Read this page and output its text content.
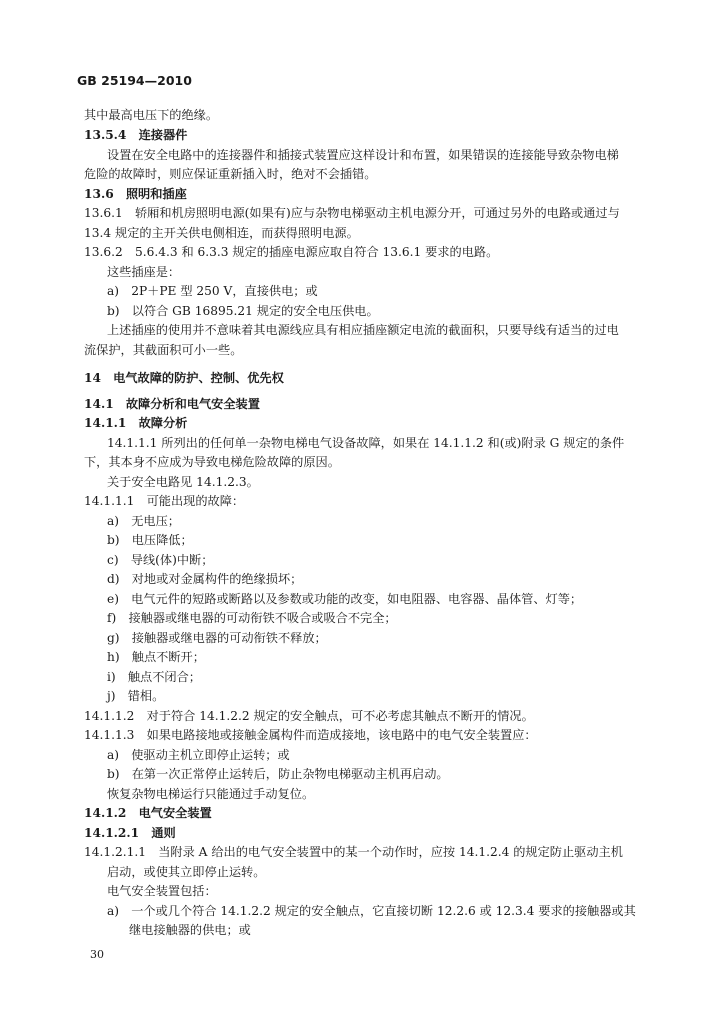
GB 25194—2010
其中最高电压下的绝缘。
13.5.4　连接器件
设置在安全电路中的连接器件和插接式装置应这样设计和布置，如果错误的连接能导致杂物电梯
危险的故障时，则应保证重新插入时，绝对不会插错。
13.6　照明和插座
13.6.1　轿厢和机房照明电源(如果有)应与杂物电梯驱动主机电源分开，可通过另外的电路或通过与
13.4 规定的主开关供电侧相连，而获得照明电源。
13.6.2　5.6.4.3 和 6.3.3 规定的插座电源应取自符合 13.6.1 要求的电路。
这些插座是：
a)　2P＋PE 型 250 V，直接供电；或
b)　以符合 GB 16895.21 规定的安全电压供电。
上述插座的使用并不意味着其电源线应具有相应插座额定电流的截面积，只要导线有适当的过电
流保护，其截面积可小一些。
14　电气故障的防护、控制、优先权
14.1　故障分析和电气安全装置
14.1.1　故障分析
14.1.1.1 所列出的任何单一杂物电梯电气设备故障，如果在 14.1.1.2 和(或)附录 G 规定的条件
下，其本身不应成为导致电梯危险故障的原因。
关于安全电路见 14.1.2.3。
14.1.1.1　可能出现的故障：
a)　无电压；
b)　电压降低；
c)　导线(体)中断；
d)　对地或对金属构件的绝缘损坏；
e)　电气元件的短路或断路以及参数或功能的改变，如电阻器、电容器、晶体管、灯等；
f)　接触器或继电器的可动衔铁不吸合或吸合不完全；
g)　接触器或继电器的可动衔铁不释放；
h)　触点不断开；
i)　触点不闭合；
j)　错相。
14.1.1.2　对于符合 14.1.2.2 规定的安全触点，可不必考虑其触点不断开的情况。
14.1.1.3　如果电路接地或接触金属构件而造成接地，该电路中的电气安全装置应：
a)　使驱动主机立即停止运转；或
b)　在第一次正常停止运转后，防止杂物电梯驱动主机再启动。
恢复杂物电梯运行只能通过手动复位。
14.1.2　电气安全装置
14.1.2.1　通则
14.1.2.1.1　当附录 A 给出的电气安全装置中的某一个动作时，应按 14.1.2.4 的规定防止驱动主机
启动，或使其立即停止运转。
电气安全装置包括：
a)　一个或几个符合 14.1.2.2 规定的安全触点，它直接切断 12.2.6 或 12.3.4 要求的接触器或其
继电接触器的供电；或
30
